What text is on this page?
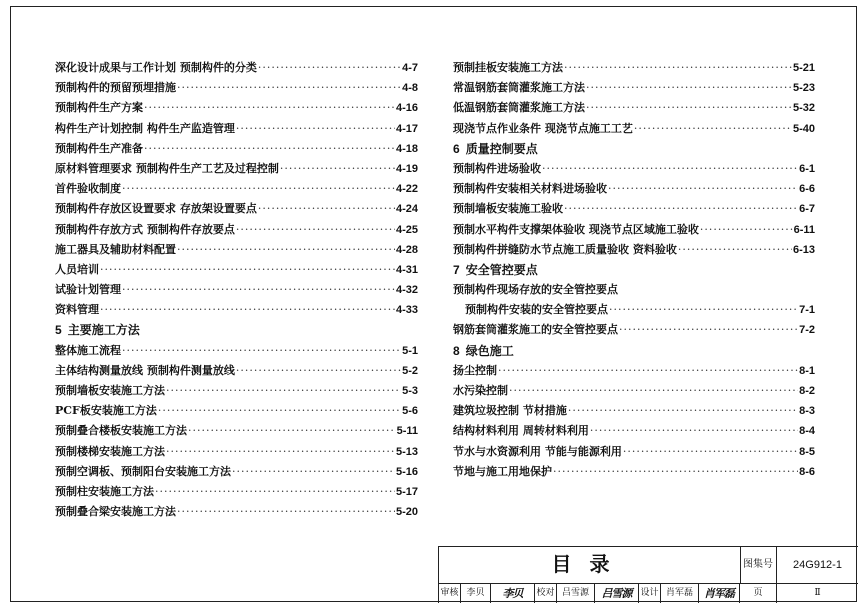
深化设计成果与工作计划 预制构件的分类 ·····	4-7
预制构件的预留预埋措施 ·····	4-8
预制构件生产方案 ·····	4-16
构件生产计划控制 构件生产监造管理 ·····	4-17
预制构件生产准备 ·····	4-18
原材料管理要求 预制构件生产工艺及过程控制 ·····	4-19
首件验收制度 ·····	4-22
预制构件存放区设置要求 存放架设置要点 ·····	4-24
预制构件存放方式 预制构件存放要点 ·····	4-25
施工器具及辅助材料配置 ·····	4-28
人员培训 ·····	4-31
试验计划管理 ·····	4-32
资料管理 ·····	4-33
5 主要施工方法
整体施工流程 ·····	5-1
主体结构测量放线 预制构件测量放线 ·····	5-2
预制墙板安装施工方法 ·····	5-3
PCF板安装施工方法 ·····	5-6
预制叠合楼板安装施工方法 ·····	5-11
预制楼梯安装施工方法 ·····	5-13
预制空调板、预制阳台安装施工方法 ·····	5-16
预制柱安装施工方法 ·····	5-17
预制叠合梁安装施工方法 ·····	5-20
预制挂板安装施工方法 ·····	5-21
常温钢筋套筒灌浆施工方法 ·····	5-23
低温钢筋套筒灌浆施工方法 ·····	5-32
现浇节点作业条件 现浇节点施工工艺 ·····	5-40
6 质量控制要点
预制构件进场验收 ·····	6-1
预制构件安装相关材料进场验收 ·····	6-6
预制墙板安装施工验收 ·····	6-7
预制水平构件支撑架体验收 现浇节点区域施工验收 ·····	6-11
预制构件拼缝防水节点施工质量验收 资料验收 ·····	6-13
7 安全管控要点
预制构件现场存放的安全管控要点
预制构件安装的安全管控要点 ·····	7-1
钢筋套筒灌浆施工的安全管控要点 ·····	7-2
8 绿色施工
扬尘控制 ·····	8-1
水污染控制 ·····	8-2
建筑垃圾控制 节材措施 ·····	8-3
结构材料利用 周转材料利用 ·····	8-4
节水与水资源利用 节能与能源利用 ·····	8-5
节地与施工用地保护 ·····	8-6
目录	图集号	24G912-1
审核 李贝	李贝	校对 吕雪源	吕雪源 设计 肖军磊	肖军磊	页	Ⅱ
